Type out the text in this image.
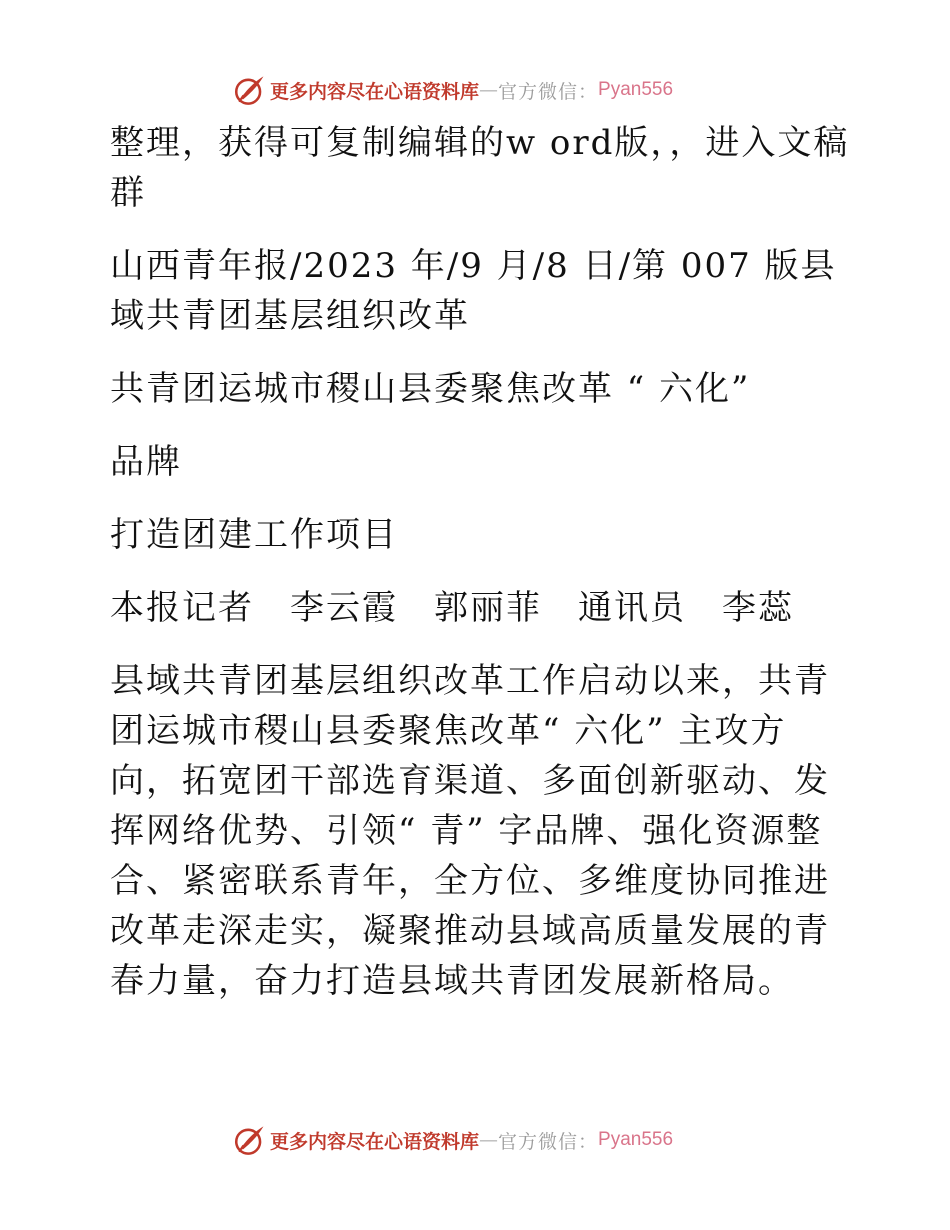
更多内容尽在心语资料库 — 官方微信： Pyan556

整理，获得可复制编辑的w ord版，，进入文稿群

山西青年报/2023 年/9 月/8 日/第 007 版县域共青团基层组织改革

共青团运城市稷山县委聚焦改革 “ 六化”

品牌

打造团建工作项目

本报记者　李云霞　郭丽菲　通讯员　李蕊

县域共青团基层组织改革工作启动以来，共青团运城市稷山县委聚焦改革“ 六化” 主攻方向，拓宽团干部选育渠道、多面创新驱动、发挥网络优势、引领“ 青” 字品牌、强化资源整合、紧密联系青年，全方位、多维度协同推进改革走深走实，凝聚推动县域高质量发展的青春力量，奋力打造县域共青团发展新格局。

更多内容尽在心语资料库 — 官方微信： Pyan556
